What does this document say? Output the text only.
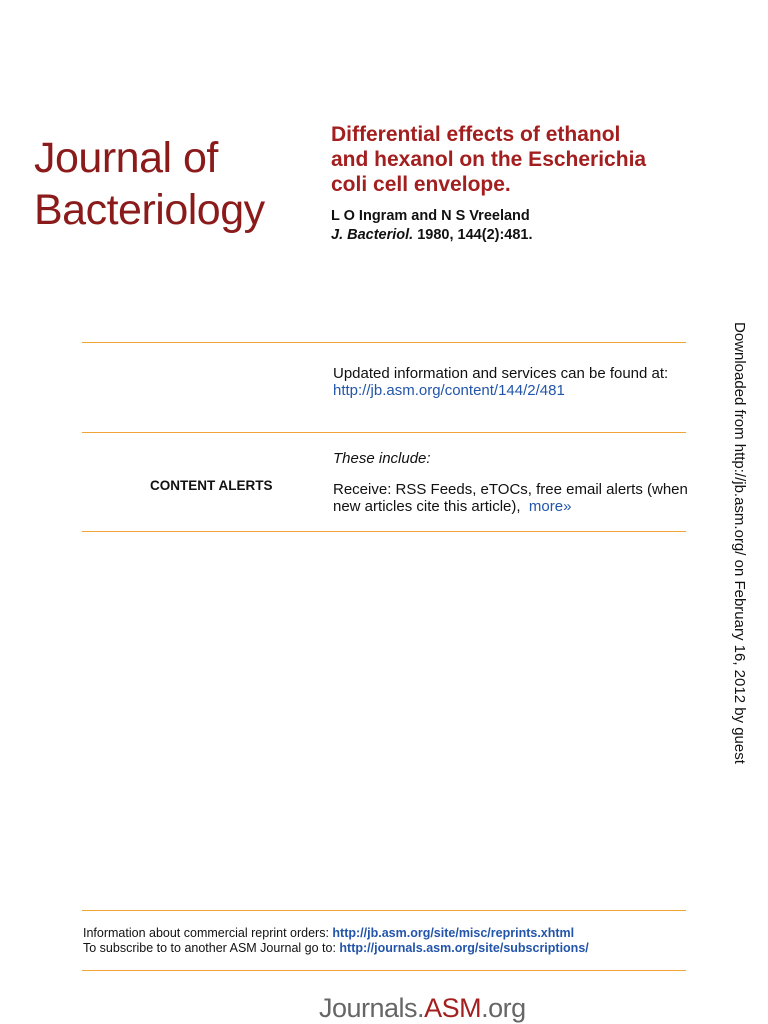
Journal of
Bacteriology
Differential effects of ethanol
and hexanol on the Escherichia
coli cell envelope.
L O Ingram and N S Vreeland
J. Bacteriol. 1980, 144(2):481.
Updated information and services can be found at:
http://jb.asm.org/content/144/2/481
These include:
CONTENT ALERTS	Receive: RSS Feeds, eTOCs, free email alerts (when new articles cite this article), more»
Information about commercial reprint orders: http://jb.asm.org/site/misc/reprints.xhtml
To subscribe to to another ASM Journal go to: http://journals.asm.org/site/subscriptions/
Journals.ASM.org
Downloaded from http://jb.asm.org/ on February 16, 2012 by guest
